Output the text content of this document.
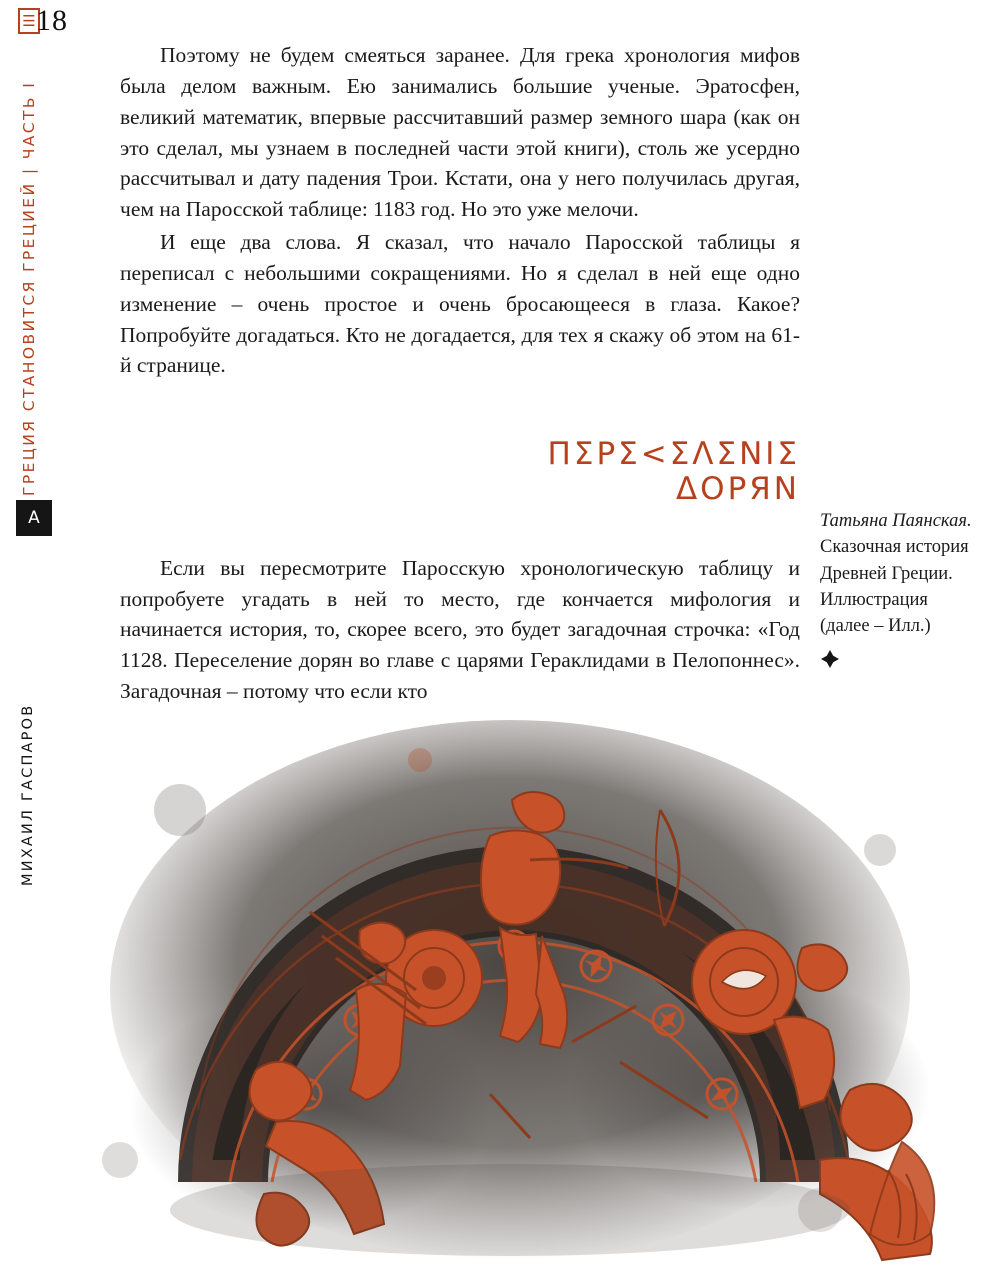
☰ 18
ГРЕЦИЯ СТАНОВИТСЯ ГРЕЦИЕЙ | ЧАСТЬ I
А
МИХАИЛ ГАСПАРОВ

Поэтому не будем смеяться заранее. Для грека хронология мифов была делом важным. Ею занимались большие ученые. Эратосфен, великий математик, впервые рассчитавший размер земного шара (как он это сделал, мы узнаем в последней части этой книги), столь же усердно рассчитывал и дату падения Трои. Кстати, она у него получилась другая, чем на Паросской таблице: 1183 год. Но это уже мелочи.

И еще два слова. Я сказал, что начало Паросской таблицы я переписал с небольшими сокращениями. Но я сделал в ней еще одно изменение – очень простое и очень бросающееся в глаза. Какое? Попробуйте догадаться. Кто не догадается, для тех я скажу об этом на 61-й странице.

ПΣΡΣ<ΣΛΣΝΙΣ
ΔΟΡЯΝ

Если вы пересмотрите Паросскую хронологическую таблицу и попробуете угадать в ней то место, где кончается мифология и начинается история, то, скорее всего, это будет загадочная строчка: «Год 1128. Переселение дорян во главе с царями Гераклидами в Пелопоннес». Загадочная – потому что если кто

Татьяна Паянская.
Сказочная история
Древней Греции.
Иллюстрация
(далее – Илл.)
